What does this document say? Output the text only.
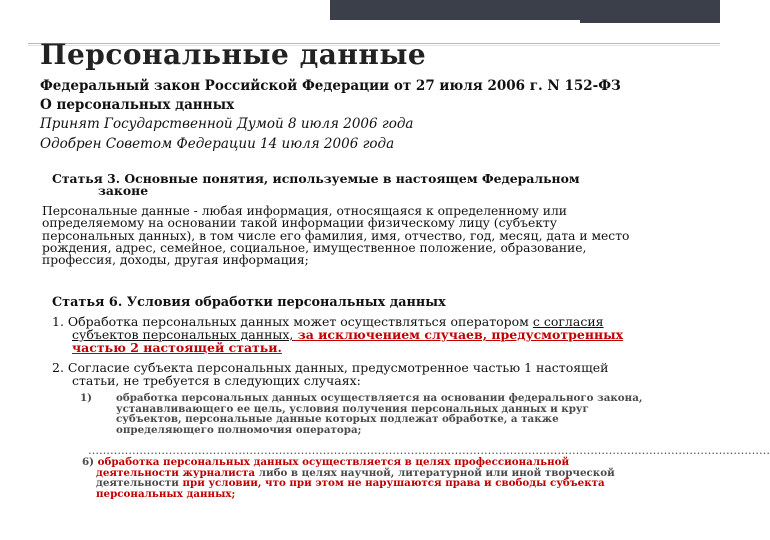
Персональные данные
Федеральный закон Российской Федерации от 27 июля 2006 г. N 152-ФЗ
О персональных данных
Принят Государственной Думой 8 июля 2006 года
Одобрен Советом Федерации 14 июля 2006 года
Статья 3. Основные понятия, используемые в настоящем Федеральном
законе
Персональные данные - любая информация, относящаяся к определенному или
определяемому на основании такой информации физическому лицу (субъекту
персональных данных), в том числе его фамилия, имя, отчество, год, месяц, дата и место
рождения, адрес, семейное, социальное, имущественное положение, образование,
профессия, доходы, другая информация;
Статья 6. Условия обработки персональных данных
1. Обработка персональных данных может осуществляться оператором с согласия
субъектов персональных данных, за исключением случаев, предусмотренных
частью 2 настоящей статьи.
2. Согласие субъекта персональных данных, предусмотренное частью 1 настоящей
статьи, не требуется в следующих случаях:
1) обработка персональных данных осуществляется на основании федерального закона,
устанавливающего ее цель, условия получения персональных данных и круг
субъектов, персональные данные которых подлежат обработке, а также
определяющего полномочия оператора;
……………………………………………………………………………………………………………………………………………………………………
6) обработка персональных данных осуществляется в целях профессиональной
деятельности журналиста либо в целях научной, литературной или иной творческой
деятельности при условии, что при этом не нарушаются права и свободы субъекта
персональных данных;
